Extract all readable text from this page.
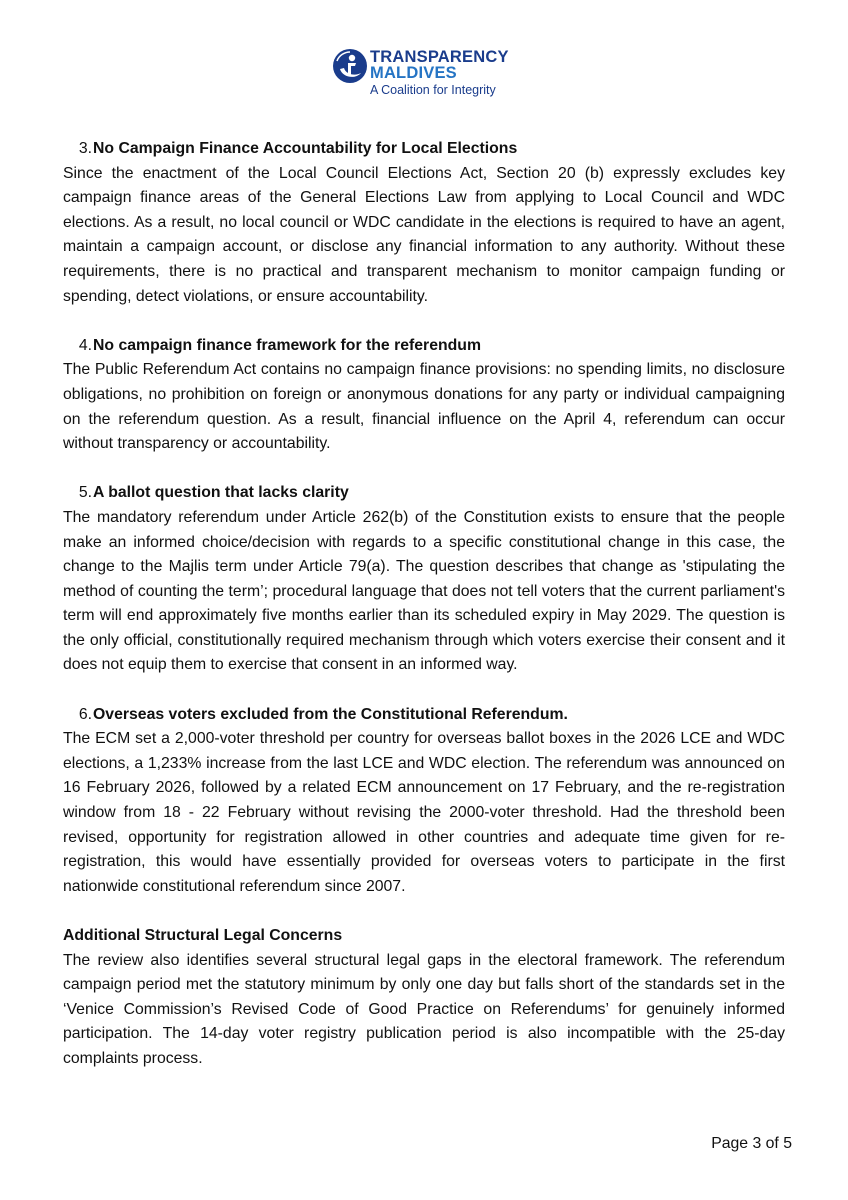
TRANSPARENCY
MALDIVES
A Coalition for Integrity
3. No Campaign Finance Accountability for Local Elections

Since the enactment of the Local Council Elections Act, Section 20 (b) expressly excludes key campaign finance areas of the General Elections Law from applying to Local Council and WDC elections. As a result, no local council or WDC candidate in the elections is required to have an agent, maintain a campaign account, or disclose any financial information to any authority. Without these requirements, there is no practical and transparent mechanism to monitor campaign funding or spending, detect violations, or ensure accountability.

4. No campaign finance framework for the referendum

The Public Referendum Act contains no campaign finance provisions: no spending limits, no disclosure obligations, no prohibition on foreign or anonymous donations for any party or individual campaigning on the referendum question. As a result, financial influence on the April 4, referendum can occur without transparency or accountability.

5. A ballot question that lacks clarity

The mandatory referendum under Article 262(b) of the Constitution exists to ensure that the people make an informed choice/decision with regards to a specific constitutional change in this case, the change to the Majlis term under Article 79(a). The question describes that change as 'stipulating the method of counting the term’; procedural language that does not tell voters that the current parliament's term will end approximately five months earlier than its scheduled expiry in May 2029. The question is the only official, constitutionally required mechanism through which voters exercise their consent and it does not equip them to exercise that consent in an informed way.

6. Overseas voters excluded from the Constitutional Referendum.

The ECM set a 2,000-voter threshold per country for overseas ballot boxes in the 2026 LCE and WDC elections, a 1,233% increase from the last LCE and WDC election. The referendum was announced on 16 February 2026, followed by a related ECM announcement on 17 February, and the re-registration window from 18 - 22 February without revising the 2000-voter threshold. Had the threshold been revised, opportunity for registration allowed in other countries and adequate time given for re-registration, this would have essentially provided for overseas voters to participate in the first nationwide constitutional referendum since 2007.

Additional Structural Legal Concerns

The review also identifies several structural legal gaps in the electoral framework. The referendum campaign period met the statutory minimum by only one day but falls short of the standards set in the ‘Venice Commission’s Revised Code of Good Practice on Referendums’ for genuinely informed participation. The 14-day voter registry publication period is also incompatible with the 25-day complaints process.

Page 3 of 5
